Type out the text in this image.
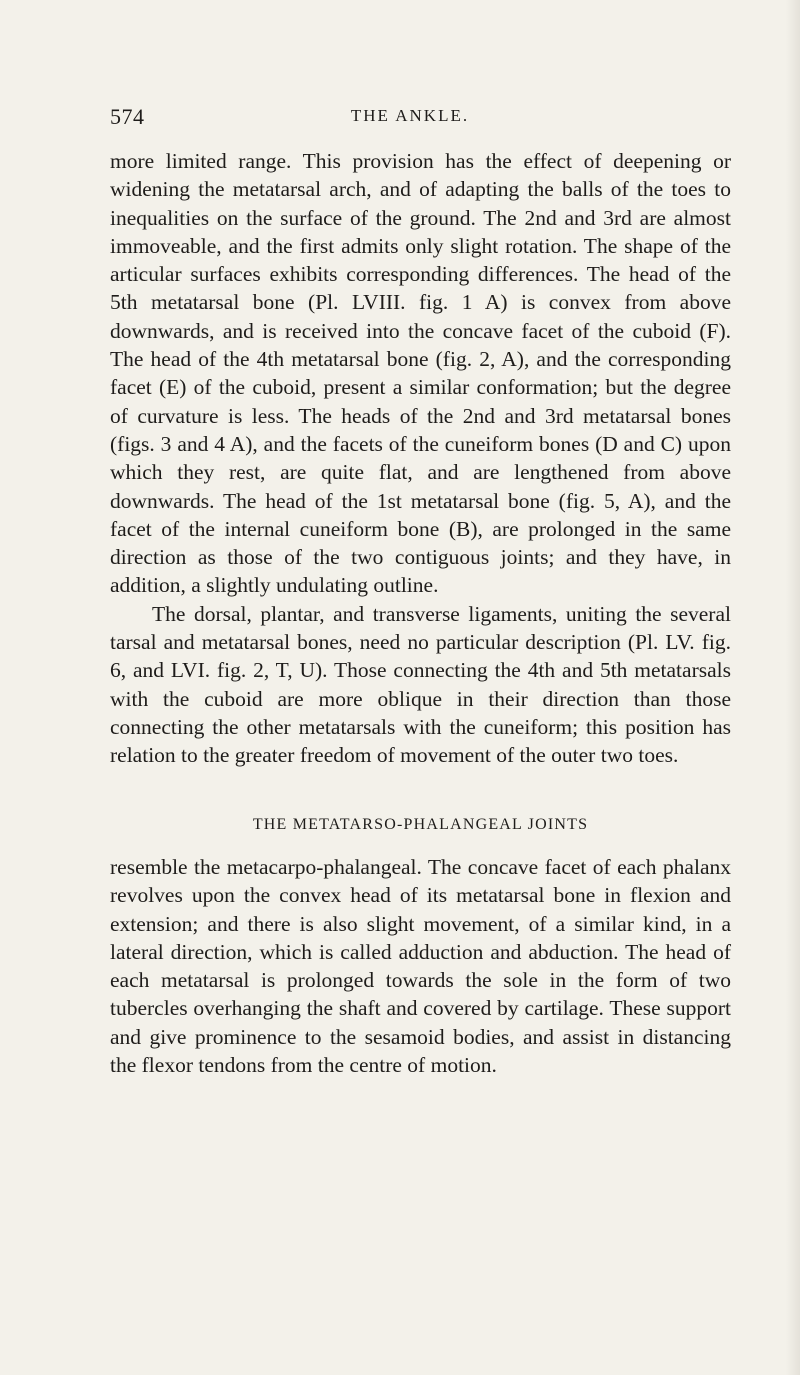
574	THE ANKLE.

more limited range. This provision has the effect of deepening or widening the metatarsal arch, and of adapting the balls of the toes to inequalities on the surface of the ground. The 2nd and 3rd are almost immoveable, and the first admits only slight rotation. The shape of the articular surfaces exhibits corresponding differences. The head of the 5th metatarsal bone (Pl. LVIII. fig. 1 A) is convex from above downwards, and is received into the concave facet of the cuboid (F). The head of the 4th metatarsal bone (fig. 2, A), and the corresponding facet (E) of the cuboid, present a similar conformation; but the degree of curvature is less. The heads of the 2nd and 3rd metatarsal bones (figs. 3 and 4 A), and the facets of the cuneiform bones (D and C) upon which they rest, are quite flat, and are lengthened from above downwards. The head of the 1st metatarsal bone (fig. 5, A), and the facet of the internal cuneiform bone (B), are prolonged in the same direction as those of the two contiguous joints; and they have, in addition, a slightly undulating outline.

The dorsal, plantar, and transverse ligaments, uniting the several tarsal and metatarsal bones, need no particular description (Pl. LV. fig. 6, and LVI. fig. 2, T, U). Those connecting the 4th and 5th metatarsals with the cuboid are more oblique in their direction than those connecting the other metatarsals with the cuneiform; this position has relation to the greater freedom of movement of the outer two toes.

THE METATARSO-PHALANGEAL JOINTS

resemble the metacarpo-phalangeal. The concave facet of each phalanx revolves upon the convex head of its metatarsal bone in flexion and extension; and there is also slight movement, of a similar kind, in a lateral direction, which is called adduction and abduction. The head of each metatarsal is prolonged towards the sole in the form of two tubercles overhanging the shaft and covered by cartilage. These support and give prominence to the sesamoid bodies, and assist in distancing the flexor tendons from the centre of motion.
